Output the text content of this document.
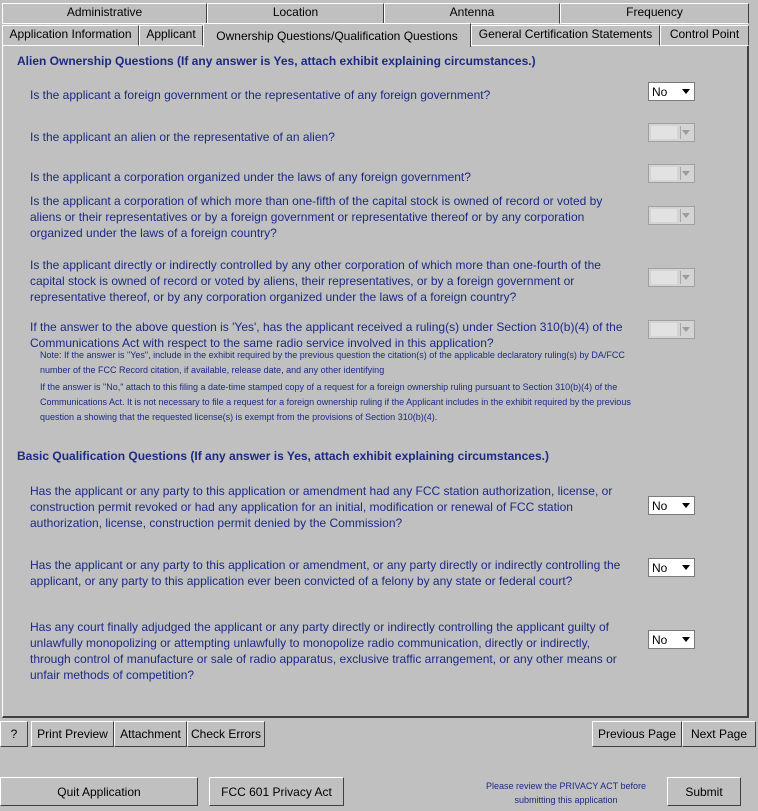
Administrative	Location	Antenna	Frequency
Application Information	Applicant	Ownership Questions/Qualification Questions	General Certification Statements	Control Point
Alien Ownership Questions (If any answer is Yes, attach exhibit explaining circumstances.)
Is the applicant a foreign government or the representative of any foreign government?	No
Is the applicant an alien or the representative of an alien?
Is the applicant a corporation organized under the laws of any foreign government?
Is the applicant a corporation of which more than one-fifth of the capital stock is owned of record or voted by aliens or their representatives or by a foreign government or representative thereof or by any corporation organized under the laws of a foreign country?
Is the applicant directly or indirectly controlled by any other corporation of which more than one-fourth of the capital stock is owned of record or voted by aliens, their representatives, or by a foreign government or representative thereof, or by any corporation organized under the laws of a foreign country?
If the answer to the above question is 'Yes', has the applicant received a ruling(s) under Section 310(b)(4) of the Communications Act with respect to the same radio service involved in this application?
Note: If the answer is "Yes", include in the exhibit required by the previous question the citation(s) of the applicable declaratory ruling(s) by DA/FCC number of the FCC Record citation, if available, release date, and any other identifying
If the answer is "No," attach to this filing a date-time stamped copy of a request for a foreign ownership ruling pursuant to Section 310(b)(4) of the Communications Act. It is not necessary to file a request for a foreign ownership ruling if the Applicant includes in the exhibit required by the previous question a showing that the requested license(s) is exempt from the provisions of Section 310(b)(4).
Basic Qualification Questions (If any answer is Yes, attach exhibit explaining circumstances.)
Has the applicant or any party to this application or amendment had any FCC station authorization, license, or construction permit revoked or had any application for an initial, modification or renewal of FCC station authorization, license, construction permit denied by the Commission?
No
Has the applicant or any party to this application or amendment, or any party directly or indirectly controlling the applicant, or any party to this application ever been convicted of a felony by any state or federal court?
No
Has any court finally adjudged the applicant or any party directly or indirectly controlling the applicant guilty of unlawfully monopolizing or attempting unlawfully to monopolize radio communication, directly or indirectly, through control of manufacture or sale of radio apparatus, exclusive traffic arrangement, or any other means or unfair methods of competition?
No
?	Print Preview	Attachment Check Errors	Previous Page	Next Page
Quit Application	FCC 601 Privacy Act	Please review the PRIVACY ACT before
submitting this application
Submit
